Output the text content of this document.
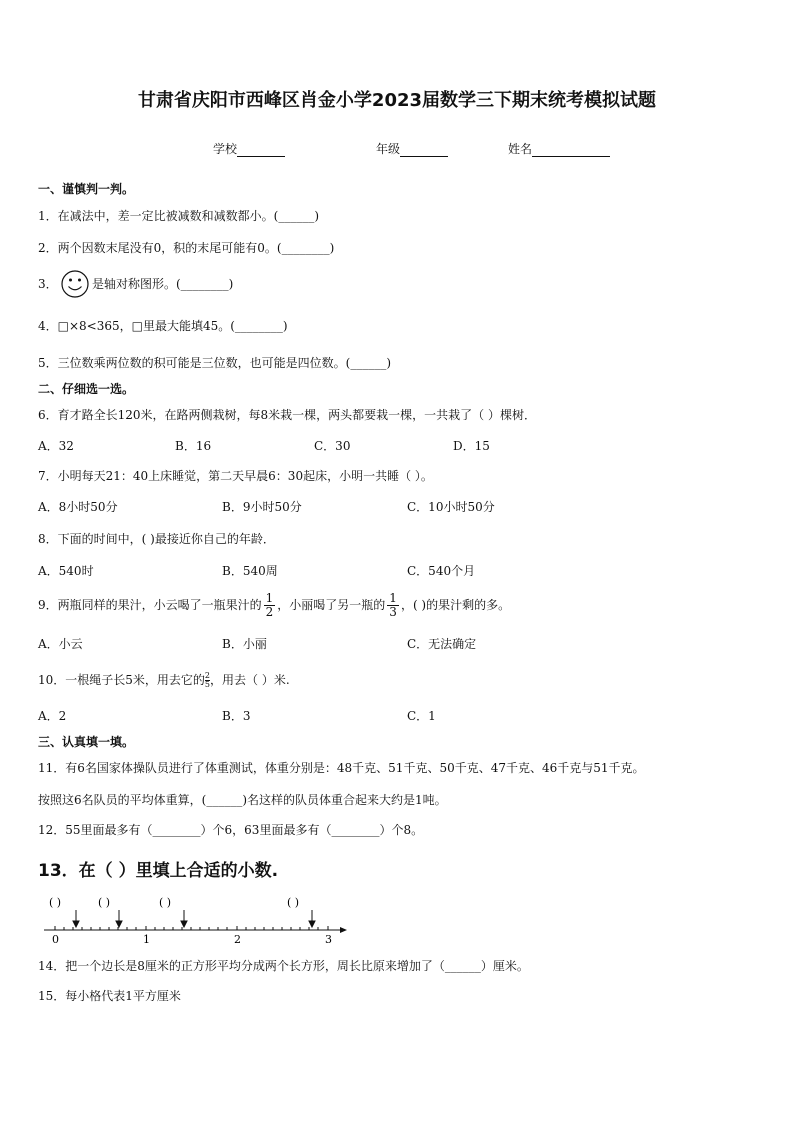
甘肃省庆阳市西峰区肖金小学2023届数学三下期末统考模拟试题
学校	年级	姓名
一、谨慎判一判。
1．在减法中，差一定比被减数和减数都小。(______)
2．两个因数末尾没有0，积的末尾可能有0。(________)
3．	是轴对称图形。(________)
4．□×8<365，□里最大能填45。(________)
5．三位数乘两位数的积可能是三位数，也可能是四位数。(______)
二、仔细选一选。
6．育才路全长120米，在路两侧栽树，每8米栽一棵，两头都要栽一棵，一共栽了（ ）棵树．
A．32	B．16	C．30	D．15
7．小明每天21：40上床睡觉，第二天早晨6：30起床，小明一共睡（ ）。
A．8小时50分	B．9小时50分	C．10小时50分
8．下面的时间中，( )最接近你自己的年龄．
A．540时	B．540周	C．540个月
9．两瓶同样的果汁，小云喝了一瓶果汁的 $\frac{1}{2}$ ，小丽喝了另一瓶的 $\frac{1}{3}$ ，( )的果汁剩的多。
A．小云	B．小丽	C．无法确定
10．一根绳子长5米，用去它的 $\frac{2}{5}$，用去（ ）米.
A．2	B．3	C．1
三、认真填一填。
11．有6名国家体操队员进行了体重测试，体重分别是：48千克、51千克、50千克、47千克、46千克与51千克。
按照这6名队员的平均体重算，(______)名这样的队员体重合起来大约是1吨。
12．55里面最多有（________）个6，63里面最多有（________）个8。
13．在（ ）里填上合适的小数.
( )	( )	( )	( )
0	1	2	3
14．把一个边长是8厘米的正方形平均分成两个长方形，周长比原来增加了（______）厘米。
15．每小格代表1平方厘米
